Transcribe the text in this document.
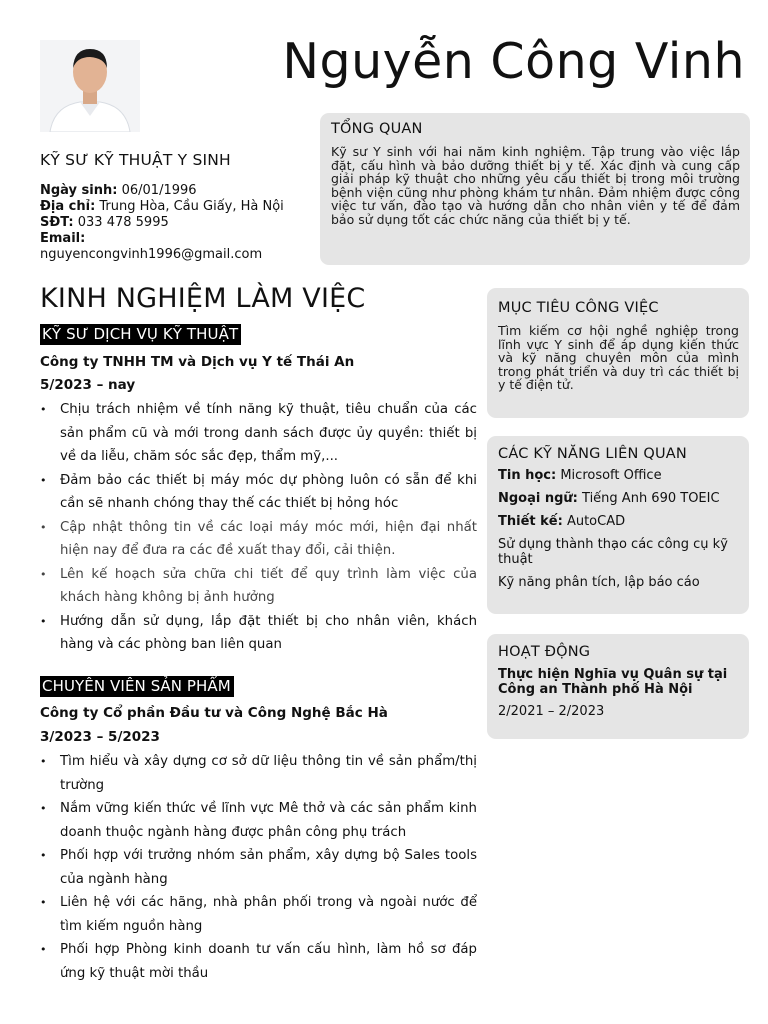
Nguyễn Công Vinh
KỸ SƯ KỸ THUẬT Y SINH
Ngày sinh: 06/01/1996
Địa chỉ: Trung Hòa, Cầu Giấy, Hà Nội
SĐT: 033 478 5995
Email:
nguyencongvinh1996@gmail.com
TỔNG QUAN

Kỹ sư Y sinh với hai năm kinh nghiệm. Tập trung vào việc lắp đặt, cấu hình và bảo dưỡng thiết bị y tế. Xác định và cung cấp giải pháp kỹ thuật cho những yêu cầu thiết bị trong môi trường bệnh viện cũng như phòng khám tư nhân. Đảm nhiệm được công việc tư vấn, đào tạo và hướng dẫn cho nhân viên y tế để đảm bảo sử dụng tốt các chức năng của thiết bị y tế.

MỤC TIÊU CÔNG VIỆC

Tìm kiếm cơ hội nghề nghiệp trong lĩnh vực Y sinh để áp dụng kiến thức và kỹ năng chuyên môn của mình trong phát triển và duy trì các thiết bị y tế điện tử.

CÁC KỸ NĂNG LIÊN QUAN
Tin học: Microsoft Office
Ngoại ngữ: Tiếng Anh 690 TOEIC
Thiết kế: AutoCAD
Sử dụng thành thạo các công cụ kỹ thuật
Kỹ năng phân tích, lập báo cáo
HOẠT ĐỘNG
Thực hiện Nghĩa vụ Quân sự tại Công an Thành phố Hà Nội
2/2021 – 2/2023
KINH NGHIỆM LÀM VIỆC
KỸ SƯ DỊCH VỤ KỸ THUẬT
Công ty TNHH TM và Dịch vụ Y tế Thái An
5/2023 – nay
• Chịu trách nhiệm về tính năng kỹ thuật, tiêu chuẩn của các sản phẩm cũ và mới trong danh sách được ủy quyền: thiết bị về da liễu, chăm sóc sắc đẹp, thẩm mỹ,...
• Đảm bảo các thiết bị máy móc dự phòng luôn có sẵn để khi cần sẽ nhanh chóng thay thế các thiết bị hỏng hóc
• Cập nhật thông tin về các loại máy móc mới, hiện đại nhất hiện nay để đưa ra các đề xuất thay đổi, cải thiện.
• Lên kế hoạch sửa chữa chi tiết để quy trình làm việc của khách hàng không bị ảnh hưởng
• Hướng dẫn sử dụng, lắp đặt thiết bị cho nhân viên, khách hàng và các phòng ban liên quan
CHUYÊN VIÊN SẢN PHẨM
Công ty Cổ phần Đầu tư và Công Nghệ Bắc Hà
3/2023 – 5/2023
• Tìm hiểu và xây dựng cơ sở dữ liệu thông tin về sản phẩm/thị trường
• Nắm vững kiến thức về lĩnh vực Mê thở và các sản phẩm kinh doanh thuộc ngành hàng được phân công phụ trách
• Phối hợp với trưởng nhóm sản phẩm, xây dựng bộ Sales tools của ngành hàng
• Liên hệ với các hãng, nhà phân phối trong và ngoài nước để tìm kiếm nguồn hàng
• Phối hợp Phòng kinh doanh tư vấn cấu hình, làm hồ sơ đáp ứng kỹ thuật mời thầu
